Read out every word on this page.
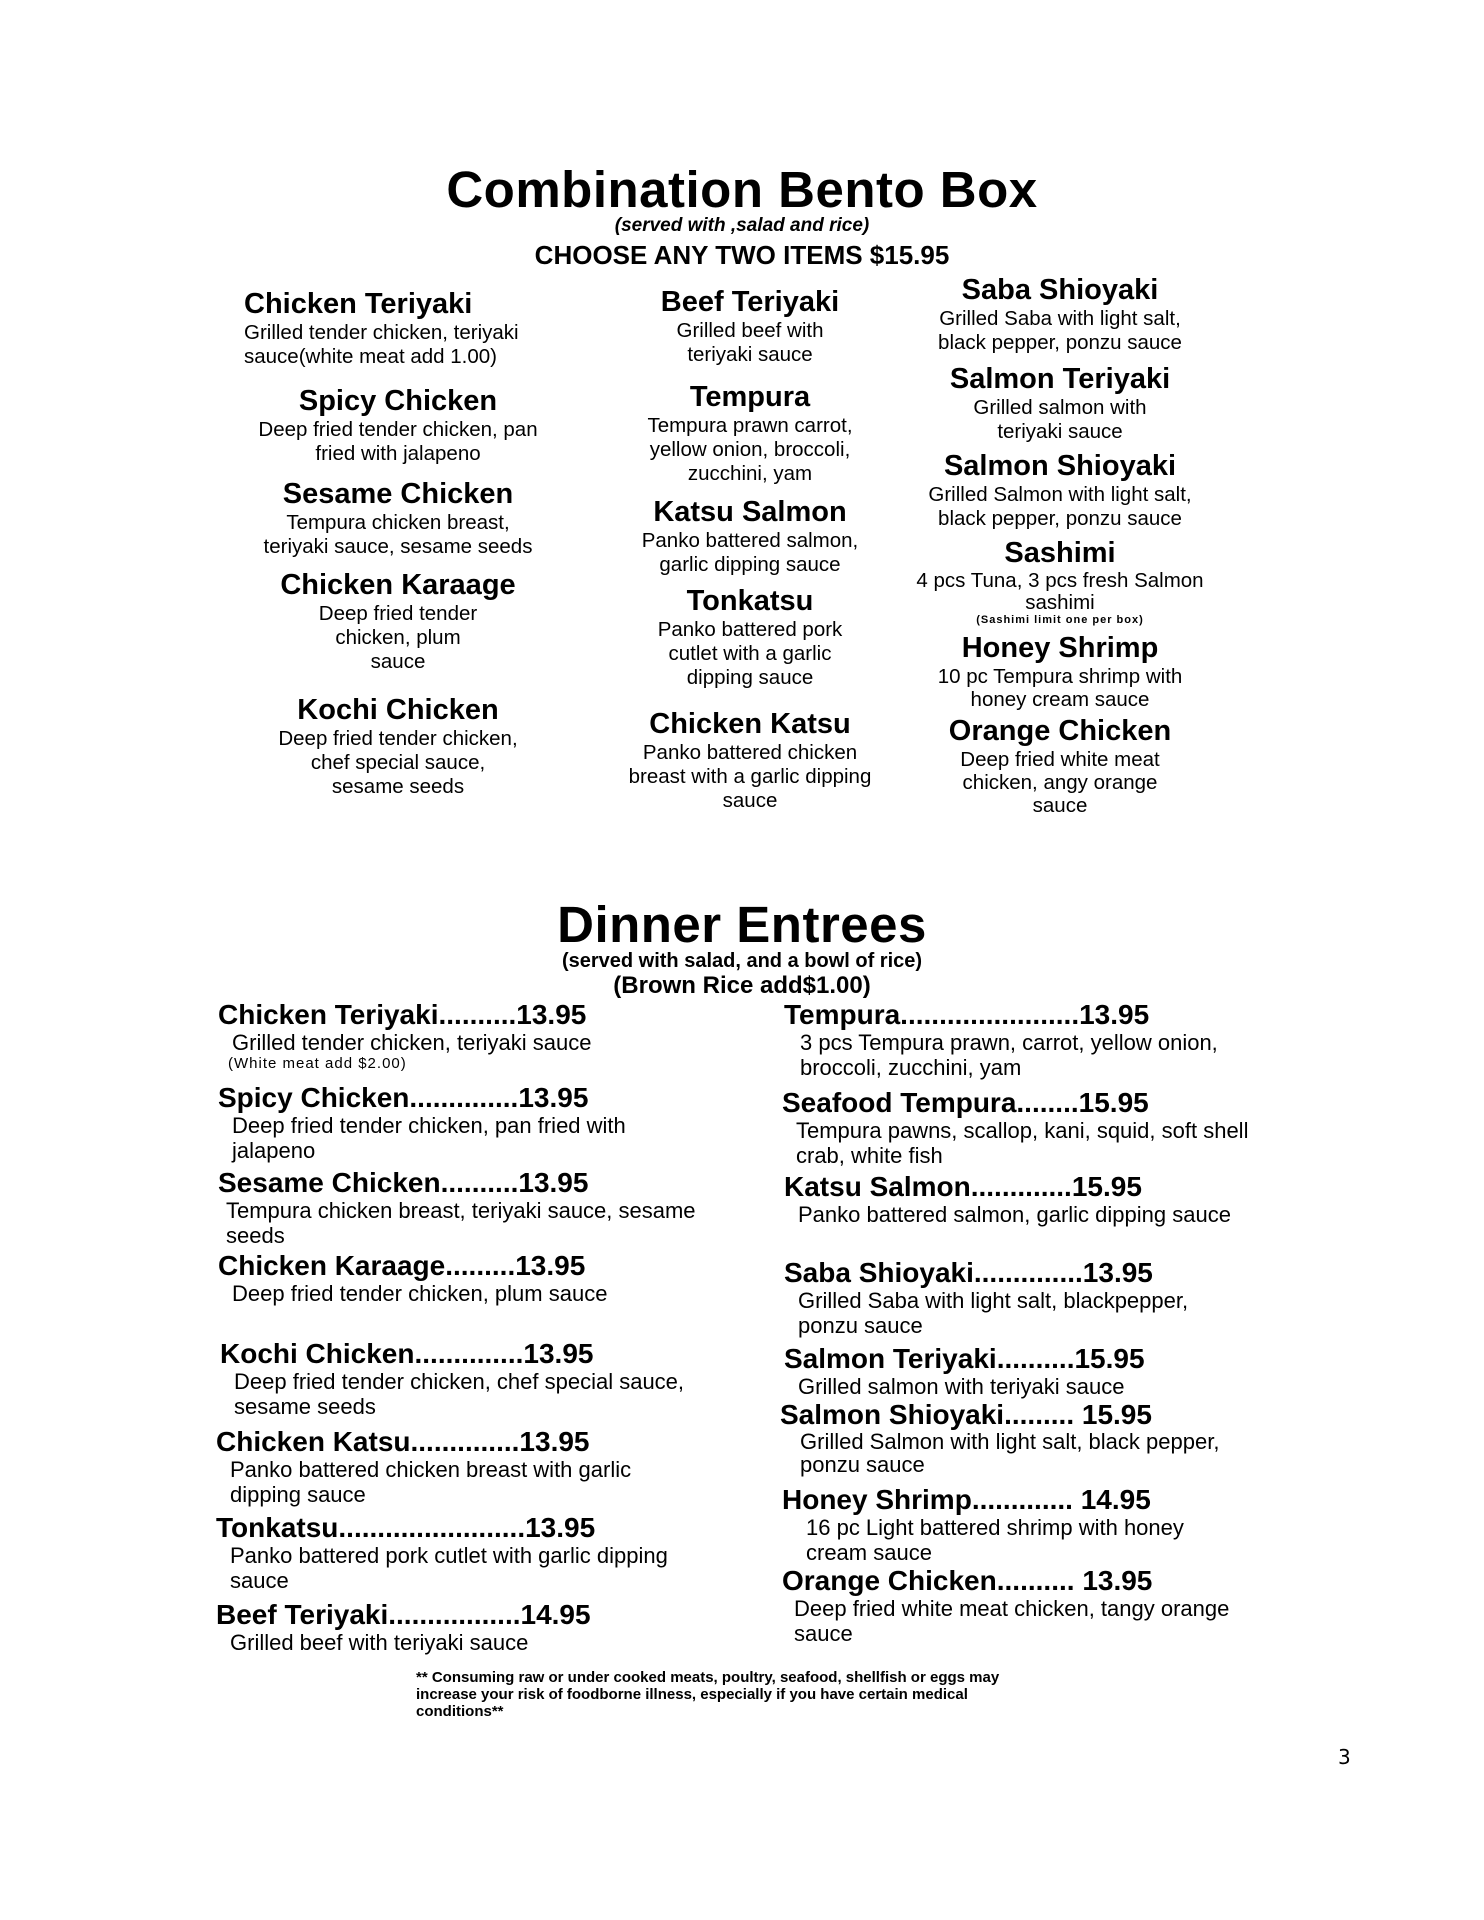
Combination Bento Box
(served with ,salad and rice)
CHOOSE ANY TWO ITEMS $15.95
Chicken Teriyaki
Grilled tender chicken, teriyaki sauce(white meat add 1.00)
Spicy Chicken
Deep fried tender chicken, pan fried with jalapeno
Sesame Chicken
Tempura chicken breast, teriyaki sauce, sesame seeds
Chicken Karaage
Deep fried tender chicken, plum sauce
Kochi Chicken
Deep fried tender chicken, chef special sauce, sesame seeds
Beef Teriyaki
Grilled beef with teriyaki sauce
Tempura
Tempura prawn carrot, yellow onion, broccoli, zucchini, yam
Katsu Salmon
Panko battered salmon, garlic dipping sauce
Tonkatsu
Panko battered pork cutlet with a garlic dipping sauce
Chicken Katsu
Panko battered chicken breast with a garlic dipping sauce
Saba Shioyaki
Grilled Saba with light salt, black pepper, ponzu sauce
Salmon Teriyaki
Grilled salmon with teriyaki sauce
Salmon Shioyaki
Grilled Salmon with light salt, black pepper, ponzu sauce
Sashimi
4 pcs Tuna, 3 pcs fresh Salmon sashimi
(Sashimi limit one per box)
Honey Shrimp
10 pc Tempura shrimp with honey cream sauce
Orange Chicken
Deep fried white meat chicken, angy orange sauce
Dinner Entrees
(served with salad, and a bowl of rice)
(Brown Rice add$1.00)
Chicken Teriyaki..........13.95
Grilled tender chicken, teriyaki sauce
(White meat add $2.00)
Spicy Chicken..............13.95
Deep fried tender chicken, pan fried with jalapeno
Sesame Chicken..........13.95
Tempura chicken breast, teriyaki sauce, sesame seeds
Chicken Karaage.........13.95
Deep fried tender chicken, plum sauce
Kochi Chicken..............13.95
Deep fried tender chicken, chef special sauce, sesame seeds
Chicken Katsu..............13.95
Panko battered chicken breast with garlic dipping sauce
Tonkatsu........................13.95
Panko battered pork cutlet with garlic dipping sauce
Beef Teriyaki.................14.95
Grilled beef with teriyaki sauce
Tempura.......................13.95
3 pcs Tempura prawn, carrot, yellow onion, broccoli, zucchini, yam
Seafood Tempura........15.95
Tempura pawns, scallop, kani, squid, soft shell crab, white fish
Katsu Salmon.............15.95
Panko battered salmon, garlic dipping sauce
Saba Shioyaki..............13.95
Grilled Saba with light salt, blackpepper, ponzu sauce
Salmon Teriyaki..........15.95
Grilled salmon with teriyaki sauce
Salmon Shioyaki......... 15.95
Grilled Salmon with light salt, black pepper, ponzu sauce
Honey Shrimp............. 14.95
16 pc Light battered shrimp with honey cream sauce
Orange Chicken.......... 13.95
Deep fried white meat chicken, tangy orange sauce
** Consuming raw or under cooked meats, poultry, seafood, shellfish or eggs may increase your risk of foodborne illness, especially if you have certain medical conditions**
3
